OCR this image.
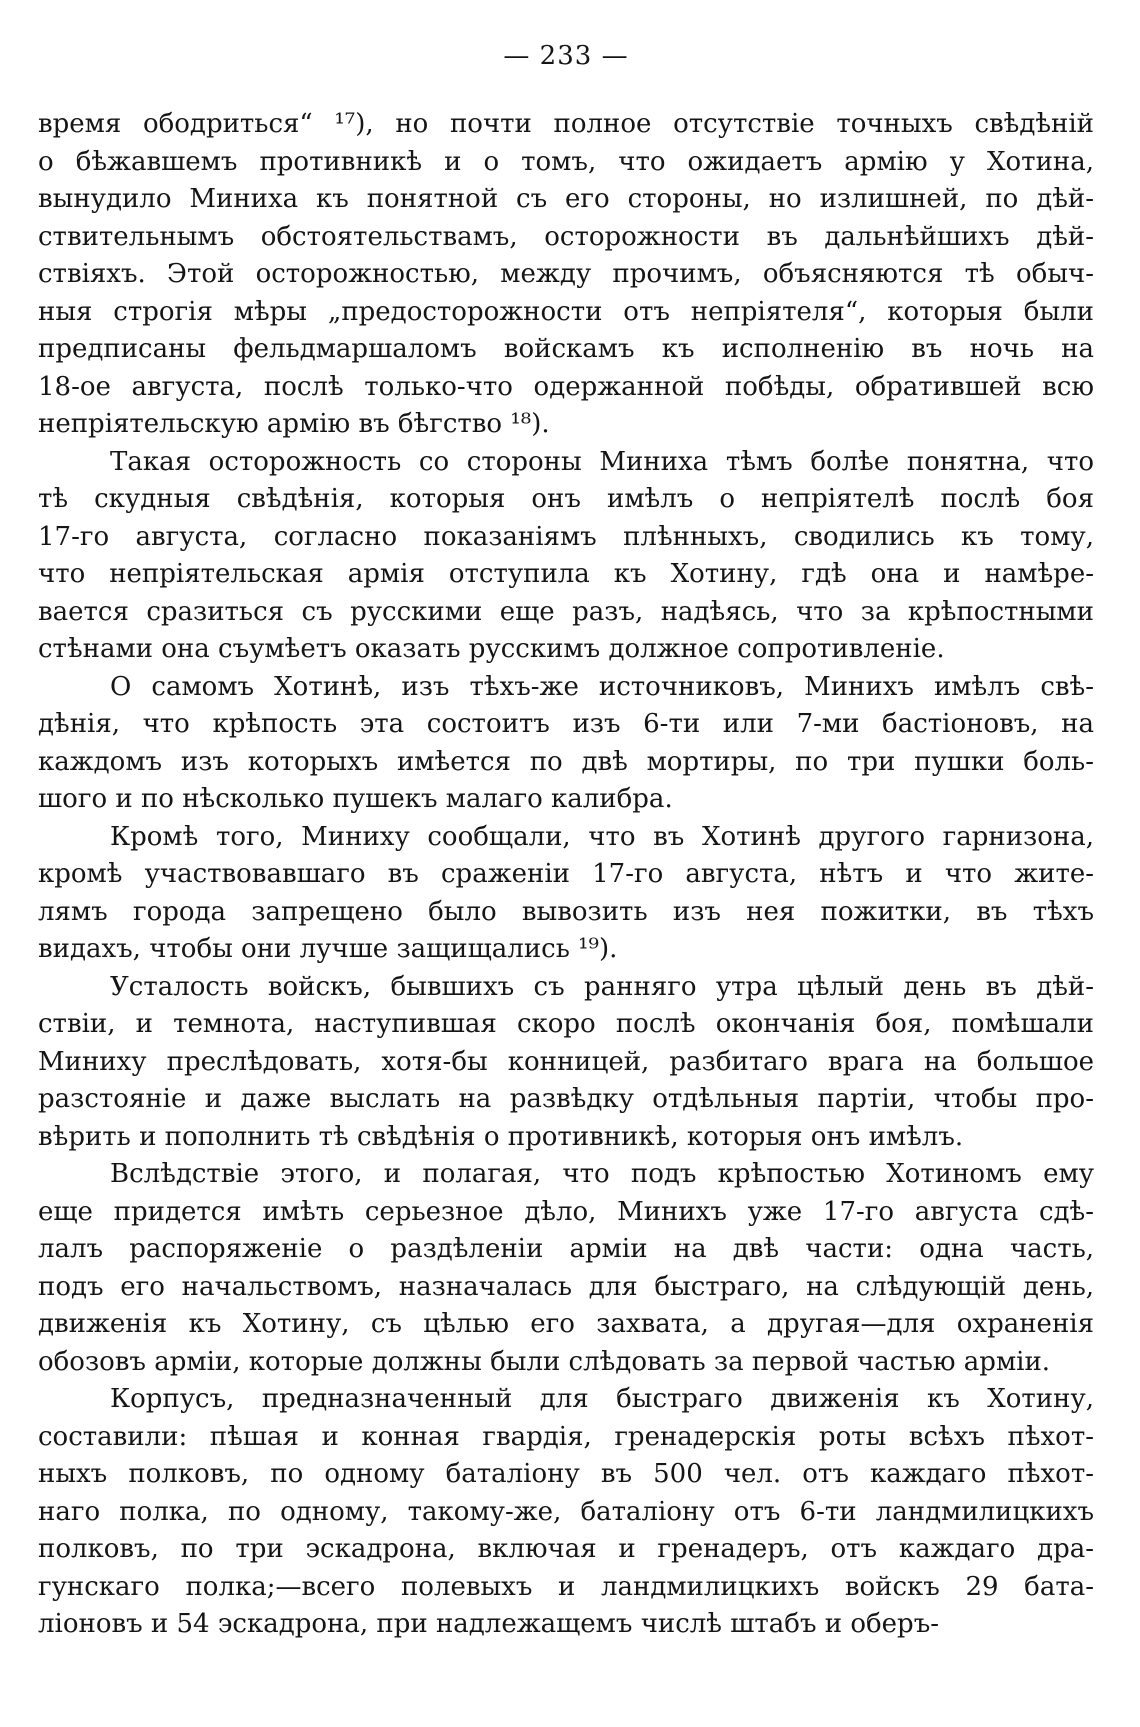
— 233 —
время ободриться“ ¹⁷), но почти полное отсутствіе точныхъ свѣдѣній
о бѣжавшемъ противникѣ и о томъ, что ожидаетъ армію у Хотина,
вынудило Миниха къ понятной съ его стороны, но излишней, по дѣй-
ствительнымъ обстоятельствамъ, осторожности въ дальнѣйшихъ дѣй-
ствіяхъ. Этой осторожностью, между прочимъ, объясняются тѣ обыч-
ныя строгія мѣры „предосторожности отъ непріятеля“, которыя были
предписаны фельдмаршаломъ войскамъ къ исполненію въ ночь на
18-ое августа, послѣ только-что одержанной побѣды, обратившей всю
непріятельскую армію въ бѣгство ¹⁸).
Такая осторожность со стороны Миниха тѣмъ болѣе понятна, что
тѣ скудныя свѣдѣнія, которыя онъ имѣлъ о непріятелѣ послѣ боя
17-го августа, согласно показаніямъ плѣнныхъ, сводились къ тому,
что непріятельская армія отступила къ Хотину, гдѣ она и намѣре-
вается сразиться съ русскими еще разъ, надѣясь, что за крѣпостными
стѣнами она съумѣетъ оказать русскимъ должное сопротивленіе.
О самомъ Хотинѣ, изъ тѣхъ-же источниковъ, Минихъ имѣлъ свѣ-
дѣнія, что крѣпость эта состоитъ изъ 6-ти или 7-ми бастіоновъ, на
каждомъ изъ которыхъ имѣется по двѣ мортиры, по три пушки боль-
шого и по нѣсколько пушекъ малаго калибра.
Кромѣ того, Миниху сообщали, что въ Хотинѣ другого гарнизона,
кромѣ участвовавшаго въ сраженіи 17-го августа, нѣтъ и что жите-
лямъ города запрещено было вывозить изъ нея пожитки, въ тѣхъ
видахъ, чтобы они лучше защищались ¹⁹).
Усталость войскъ, бывшихъ съ ранняго утра цѣлый день въ дѣй-
ствіи, и темнота, наступившая скоро послѣ окончанія боя, помѣшали
Миниху преслѣдовать, хотя-бы конницей, разбитаго врага на большое
разстояніе и даже выслать на развѣдку отдѣльныя партіи, чтобы про-
вѣрить и пополнить тѣ свѣдѣнія о противникѣ, которыя онъ имѣлъ.
Вслѣдствіе этого, и полагая, что подъ крѣпостью Хотиномъ ему
еще придется имѣть серьезное дѣло, Минихъ уже 17-го августа сдѣ-
лалъ распоряженіе о раздѣленіи арміи на двѣ части: одна часть,
подъ его начальствомъ, назначалась для быстраго, на слѣдующій день,
движенія къ Хотину, съ цѣлью его захвата, а другая—для охраненія
обозовъ арміи, которые должны были слѣдовать за первой частью арміи.
Корпусъ, предназначенный для быстраго движенія къ Хотину,
составили: пѣшая и конная гвардія, гренадерскія роты всѣхъ пѣхот-
ныхъ полковъ, по одному баталіону въ 500 чел. отъ каждаго пѣхот-
наго полка, по одному, такому-же, баталіону отъ 6-ти ландмилицкихъ
полковъ, по три эскадрона, включая и гренадеръ, отъ каждаго дра-
гунскаго полка;—всего полевыхъ и ландмилицкихъ войскъ 29 бата-
ліоновъ и 54 эскадрона, при надлежащемъ числѣ штабъ и оберъ-
